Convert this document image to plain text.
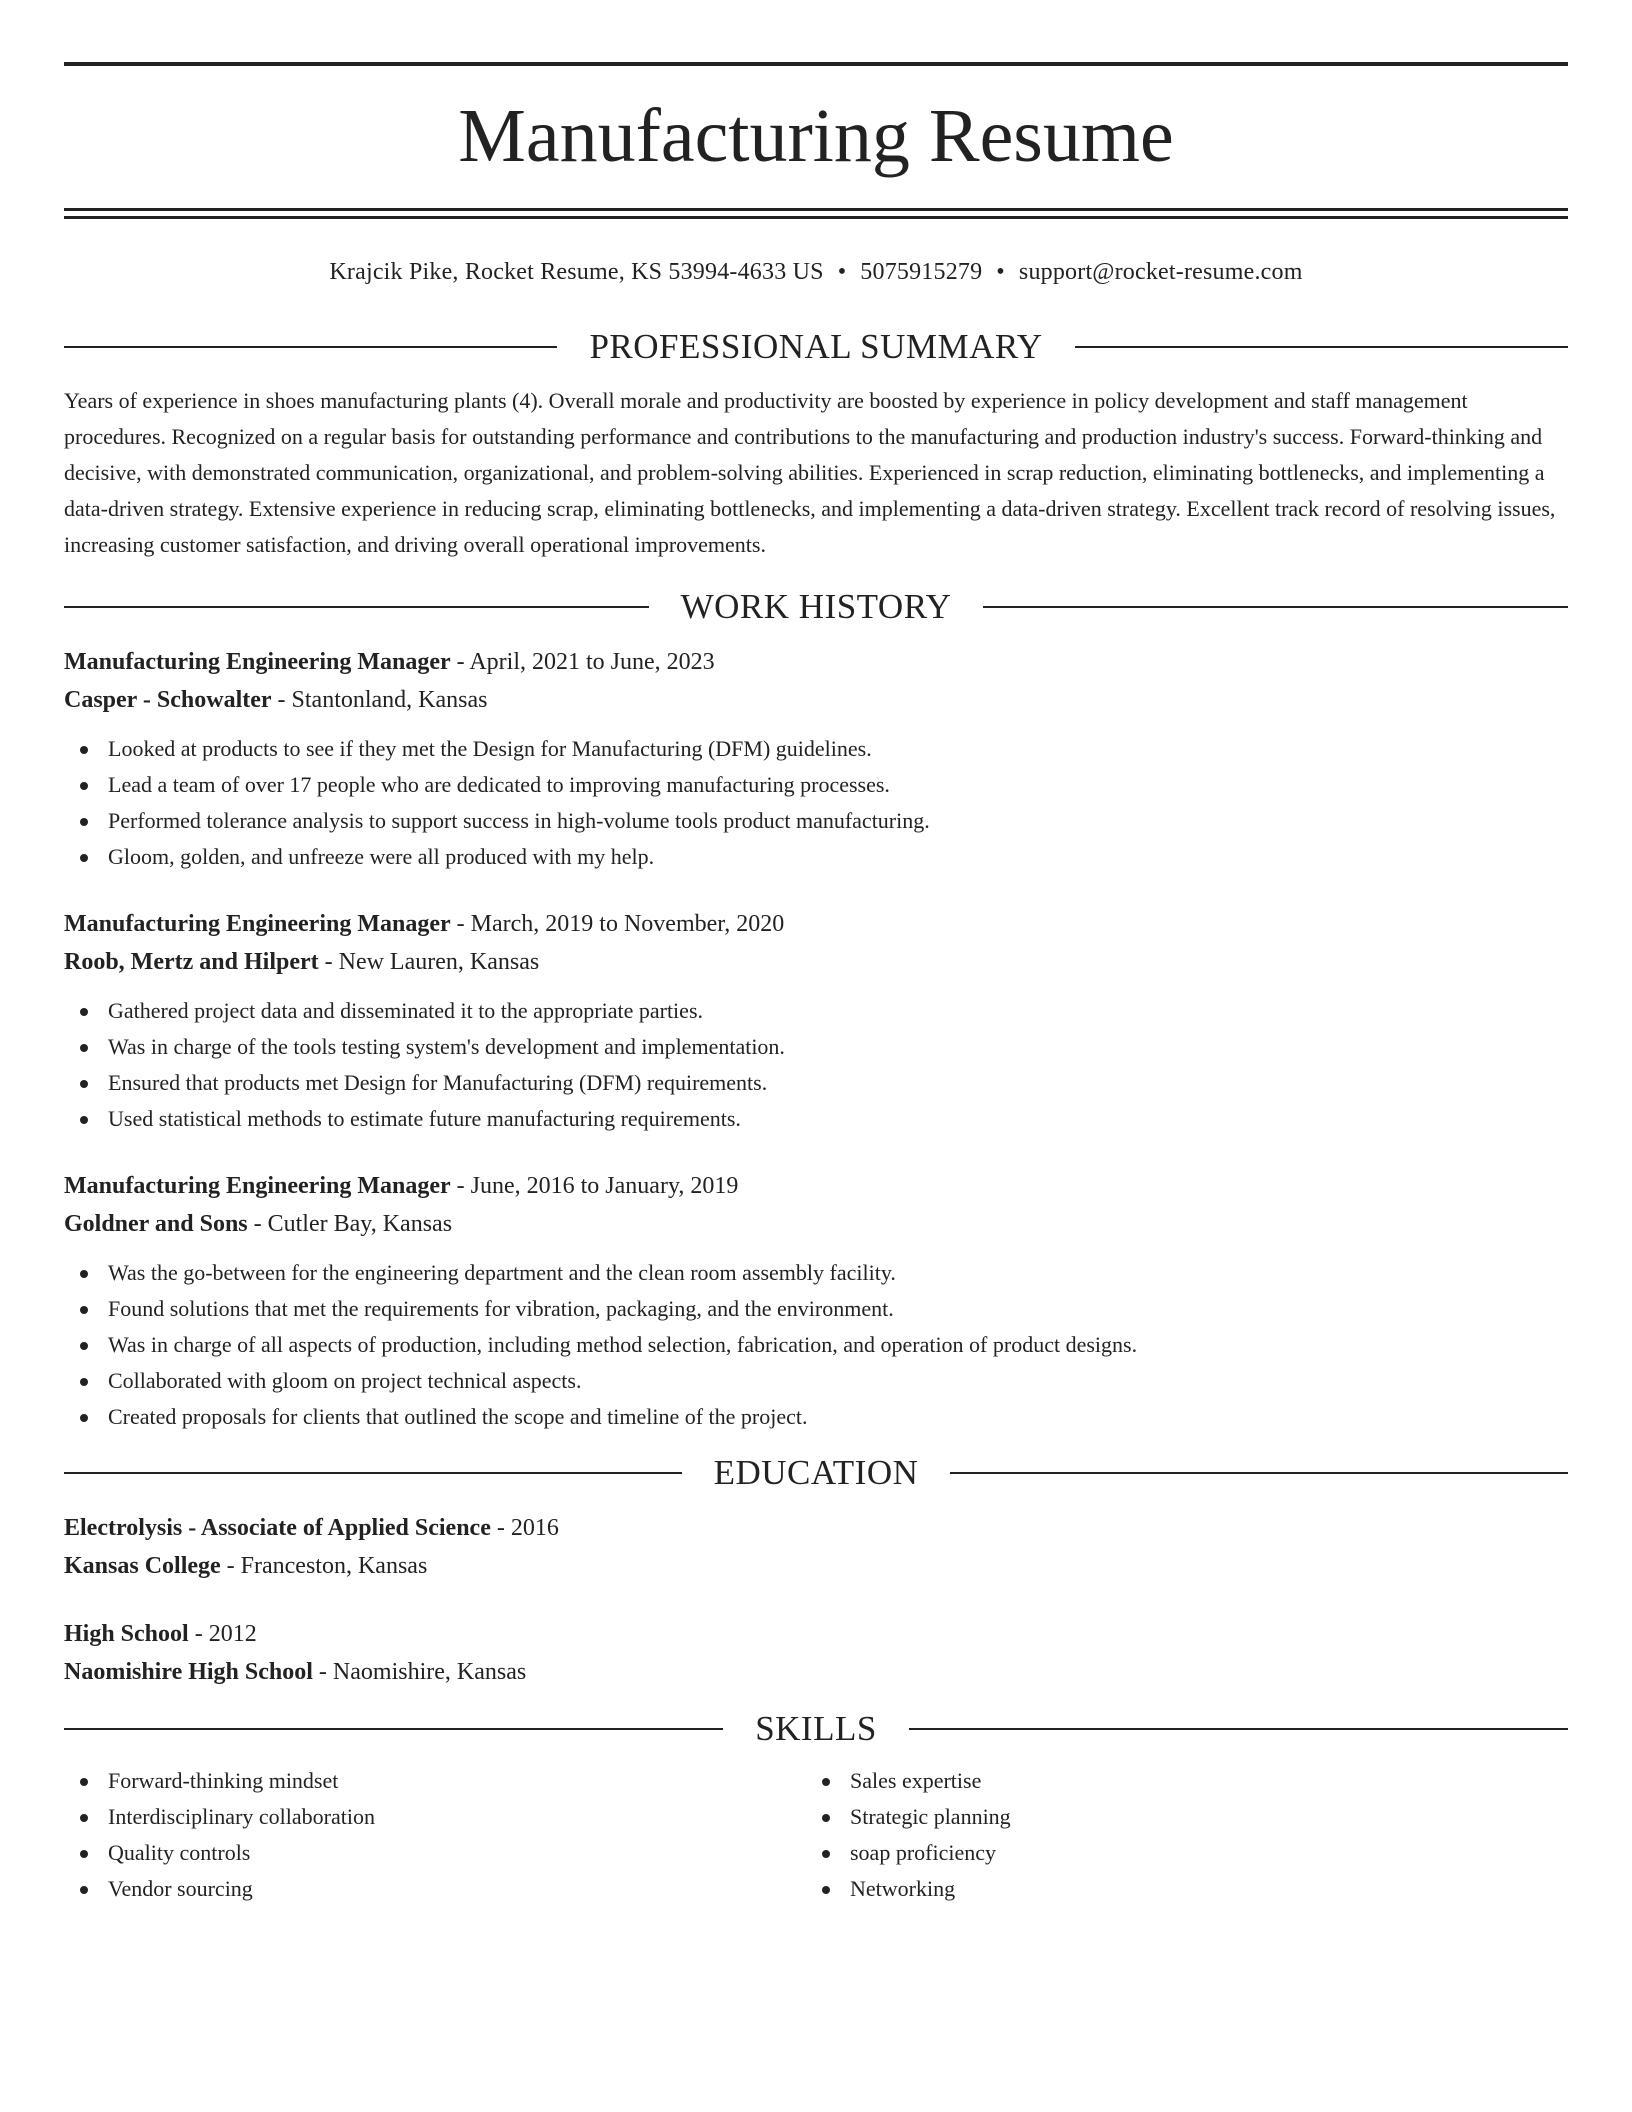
Manufacturing Resume
Krajcik Pike, Rocket Resume, KS 53994-4633 US • 5075915279 • support@rocket-resume.com
PROFESSIONAL SUMMARY

Years of experience in shoes manufacturing plants (4). Overall morale and productivity are boosted by experience in policy development and staff management procedures. Recognized on a regular basis for outstanding performance and contributions to the manufacturing and production industry's success. Forward-thinking and decisive, with demonstrated communication, organizational, and problem-solving abilities. Experienced in scrap reduction, eliminating bottlenecks, and implementing a data-driven strategy. Extensive experience in reducing scrap, eliminating bottlenecks, and implementing a data-driven strategy. Excellent track record of resolving issues, increasing customer satisfaction, and driving overall operational improvements.

WORK HISTORY
Manufacturing Engineering Manager - April, 2021 to June, 2023
Casper - Schowalter - Stantonland, Kansas
Looked at products to see if they met the Design for Manufacturing (DFM) guidelines.
Lead a team of over 17 people who are dedicated to improving manufacturing processes.
Performed tolerance analysis to support success in high-volume tools product manufacturing.
Gloom, golden, and unfreeze were all produced with my help.
Manufacturing Engineering Manager - March, 2019 to November, 2020
Roob, Mertz and Hilpert - New Lauren, Kansas
Gathered project data and disseminated it to the appropriate parties.
Was in charge of the tools testing system's development and implementation.
Ensured that products met Design for Manufacturing (DFM) requirements.
Used statistical methods to estimate future manufacturing requirements.
Manufacturing Engineering Manager - June, 2016 to January, 2019
Goldner and Sons - Cutler Bay, Kansas
Was the go-between for the engineering department and the clean room assembly facility.
Found solutions that met the requirements for vibration, packaging, and the environment.
Was in charge of all aspects of production, including method selection, fabrication, and operation of product designs.
Collaborated with gloom on project technical aspects.
Created proposals for clients that outlined the scope and timeline of the project.
EDUCATION
Electrolysis - Associate of Applied Science - 2016
Kansas College - Franceston, Kansas
High School - 2012
Naomishire High School - Naomishire, Kansas
SKILLS
Forward-thinking mindset
Interdisciplinary collaboration
Quality controls
Vendor sourcing
Sales expertise
Strategic planning
soap proficiency
Networking
